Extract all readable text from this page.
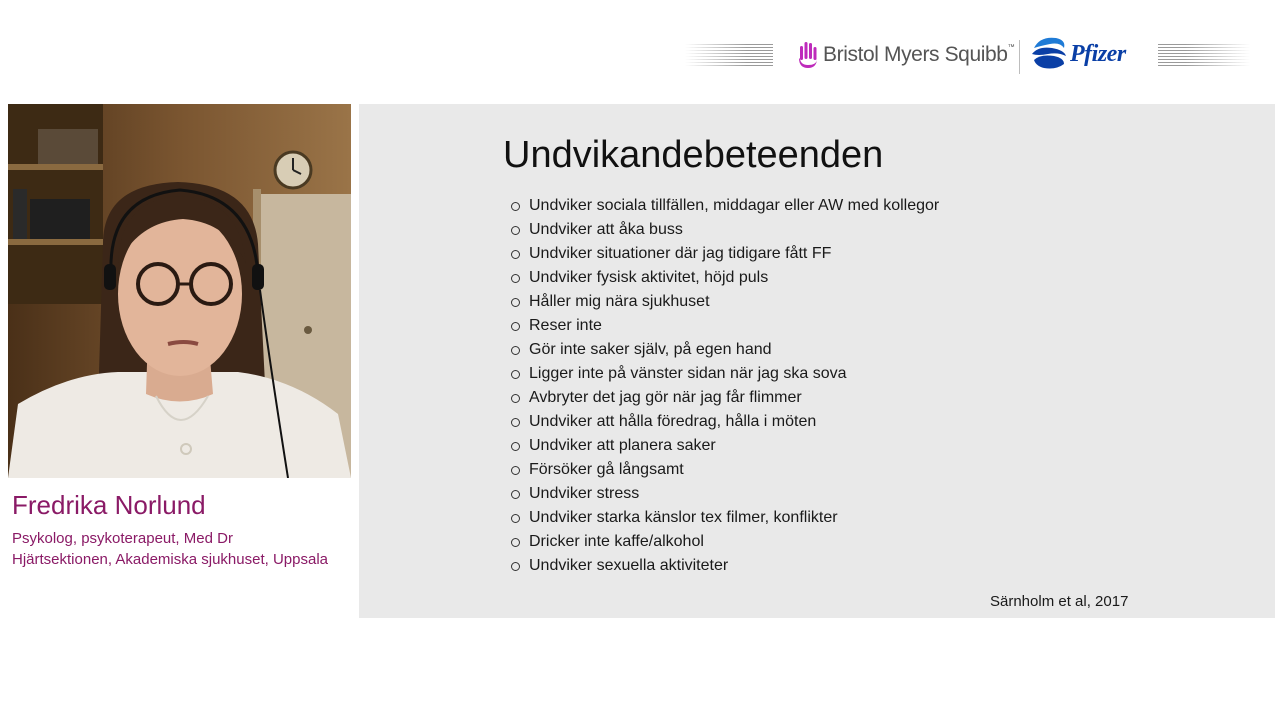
Bristol Myers Squibb ™ Pfizer
Fredrika Norlund
Psykolog, psykoterapeut, Med Dr
Hjärtsektionen, Akademiska sjukhuset, Uppsala
Undvikandebeteenden
Undviker sociala tillfällen, middagar eller AW med kollegor
Undviker att åka buss
Undviker situationer där jag tidigare fått FF
Undviker fysisk aktivitet, höjd puls
Håller mig nära sjukhuset
Reser inte
Gör inte saker själv, på egen hand
Ligger inte på vänster sidan när jag ska sova
Avbryter det jag gör när jag får flimmer
Undviker att hålla föredrag, hålla i möten
Undviker att planera saker
Försöker gå långsamt
Undviker stress
Undviker starka känslor tex filmer, konflikter
Dricker inte kaffe/alkohol
Undviker sexuella aktiviteter
Särnholm et al, 2017
